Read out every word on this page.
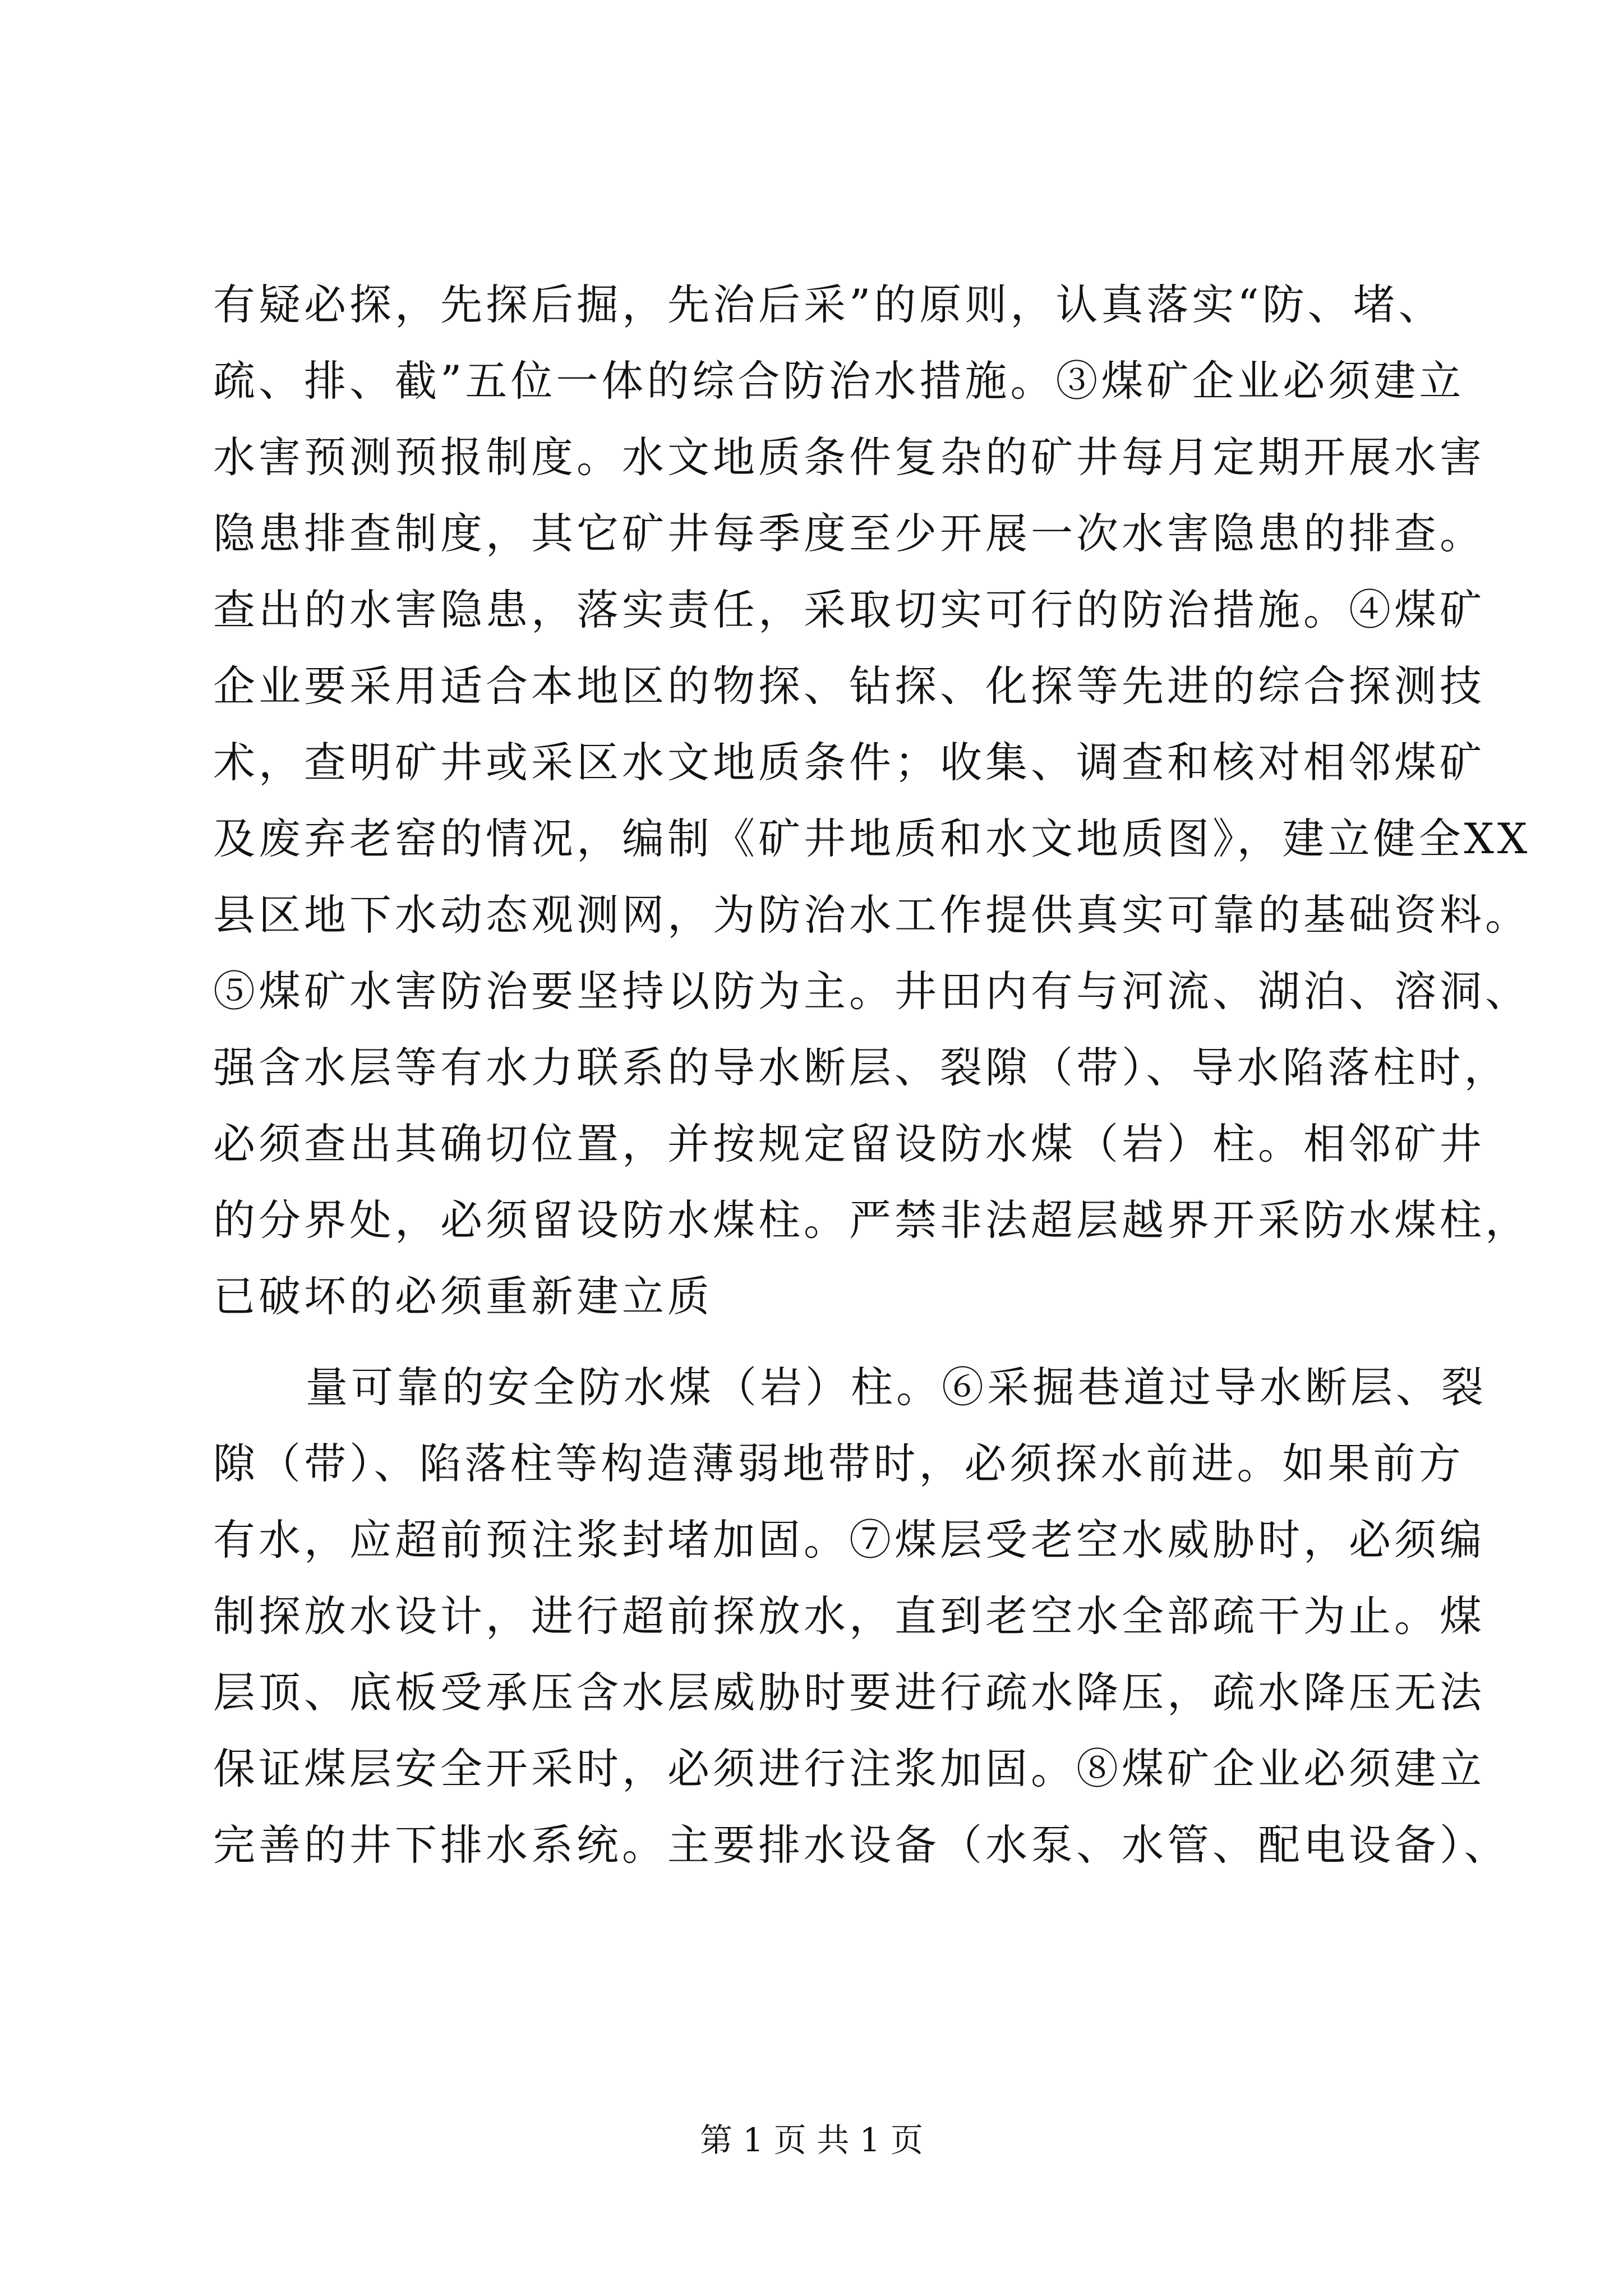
有疑必探，先探后掘，先治后采”的原则，认真落实“防、堵、
疏、排、截”五位一体的综合防治水措施。③煤矿企业必须建立
水害预测预报制度。水文地质条件复杂的矿井每月定期开展水害
隐患排查制度，其它矿井每季度至少开展一次水害隐患的排查。
查出的水害隐患，落实责任，采取切实可行的防治措施。④煤矿
企业要采用适合本地区的物探、钻探、化探等先进的综合探测技
术，查明矿井或采区水文地质条件；收集、调查和核对相邻煤矿
及废弃老窑的情况，编制《矿井地质和水文地质图》，建立健全XX
县区地下水动态观测网，为防治水工作提供真实可靠的基础资料。
⑤煤矿水害防治要坚持以防为主。井田内有与河流、湖泊、溶洞、
强含水层等有水力联系的导水断层、裂隙（带）、导水陷落柱时，
必须查出其确切位置，并按规定留设防水煤（岩）柱。相邻矿井
的分界处，必须留设防水煤柱。严禁非法超层越界开采防水煤柱，
已破坏的必须重新建立质
量可靠的安全防水煤（岩）柱。⑥采掘巷道过导水断层、裂
隙（带）、陷落柱等构造薄弱地带时，必须探水前进。如果前方
有水，应超前预注浆封堵加固。⑦煤层受老空水威胁时，必须编
制探放水设计，进行超前探放水，直到老空水全部疏干为止。煤
层顶、底板受承压含水层威胁时要进行疏水降压，疏水降压无法
保证煤层安全开采时，必须进行注浆加固。⑧煤矿企业必须建立
完善的井下排水系统。主要排水设备（水泵、水管、配电设备）、
第 1 页 共 1 页
